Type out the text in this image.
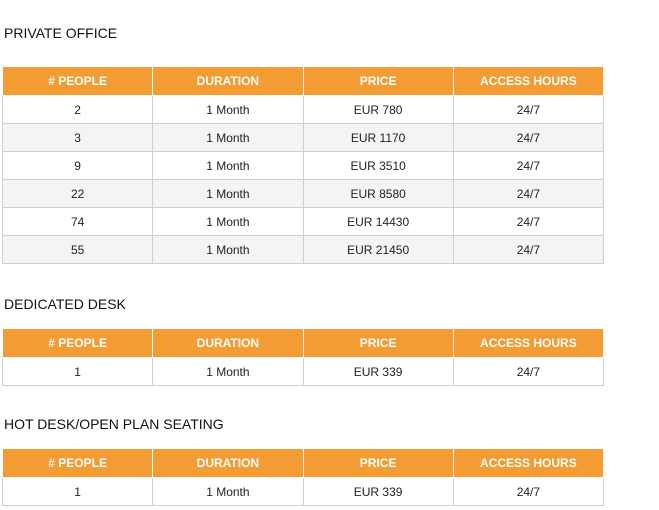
PRIVATE OFFICE
# PEOPLE	DURATION	PRICE	ACCESS HOURS
2	1 Month	EUR 780	24/7
3	1 Month	EUR 1170	24/7
9	1 Month	EUR 3510	24/7
22	1 Month	EUR 8580	24/7
74	1 Month	EUR 14430	24/7
55	1 Month	EUR 21450	24/7
DEDICATED DESK
# PEOPLE	DURATION	PRICE	ACCESS HOURS
1	1 Month	EUR 339	24/7
HOT DESK/OPEN PLAN SEATING
# PEOPLE	DURATION	PRICE	ACCESS HOURS
1	1 Month	EUR 339	24/7
